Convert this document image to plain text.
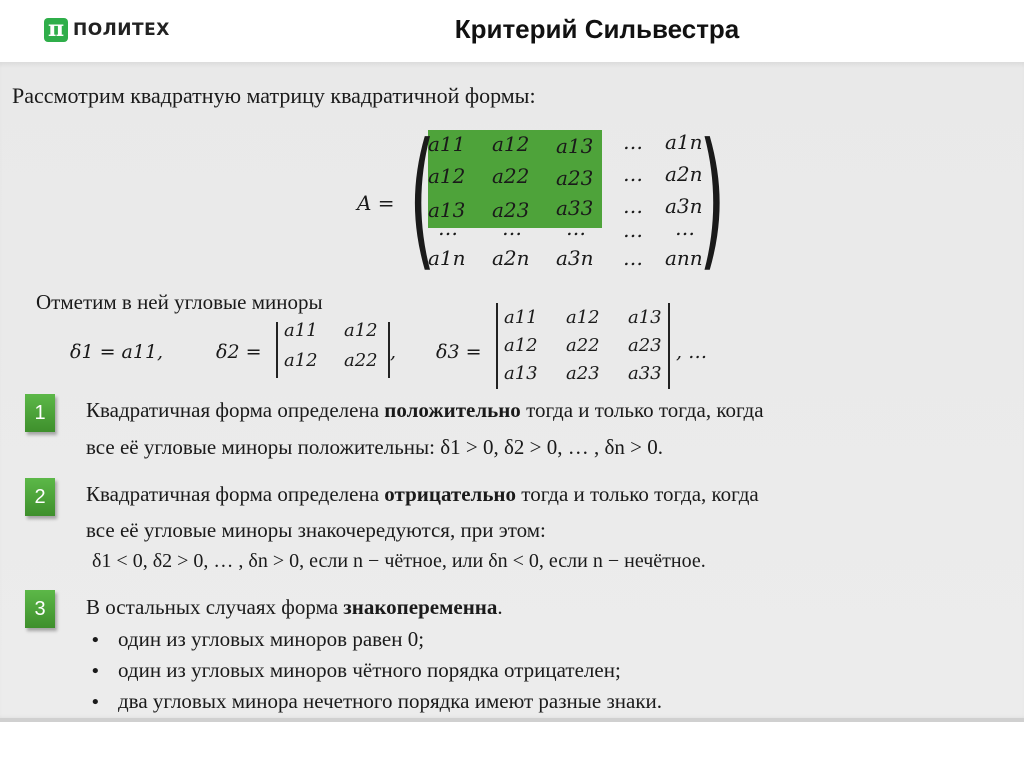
π ПОЛИТЕХ	Критерий Сильвестра
Рассмотрим квадратную матрицу квадратичной формы:
A = ( )
a11 a12 a13 … a1n
a12 a22 a23 … a2n
a13 a23 a33 … a3n
… … … … …
a1n a2n a3n … ann
Отметим в ней угловые миноры
δ1 = a11,	δ2 =
a11 a12
a12 a22 , δ3 =
a11 a12 a13
a12 a22 a23
a13 a23 a33
, …
1	Квадратичная форма определена положительно тогда и только тогда, когда
все её угловые миноры положительны: δ1 > 0, δ2 > 0, … , δn > 0.
2	Квадратичная форма определена отрицательно тогда и только тогда, когда
все её угловые миноры знакочередуются, при этом:
δ1 < 0, δ2 > 0, … , δn > 0, если n − чётное, или δn < 0, если n − нечётное.
3	В остальных случаях форма знакопеременна.
• один из угловых миноров равен 0;
• один из угловых миноров чётного порядка отрицателен;
• два угловых минора нечетного порядка имеют разные знаки.
